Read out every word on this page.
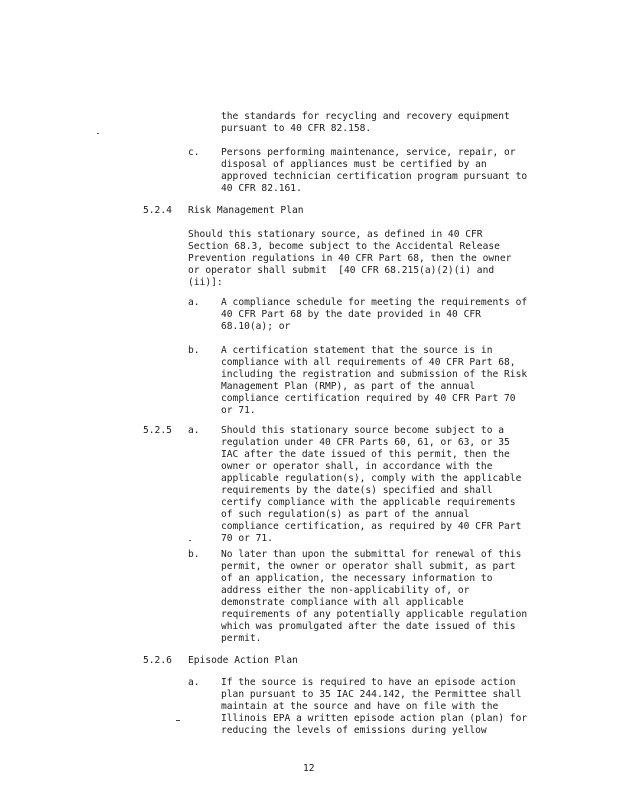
the standards for recycling and recovery equipment
pursuant to 40 CFR 82.158.
c. Persons performing maintenance, service, repair, or
disposal of appliances must be certified by an
approved technician certification program pursuant to
40 CFR 82.161.
5.2.4 Risk Management Plan
Should this stationary source, as defined in 40 CFR
Section 68.3, become subject to the Accidental Release
Prevention regulations in 40 CFR Part 68, then the owner
or operator shall submit  [40 CFR 68.215(a)(2)(i) and
(ii)]:
a. A compliance schedule for meeting the requirements of
40 CFR Part 68 by the date provided in 40 CFR
68.10(a); or
b. A certification statement that the source is in
compliance with all requirements of 40 CFR Part 68,
including the registration and submission of the Risk
Management Plan (RMP), as part of the annual
compliance certification required by 40 CFR Part 70
or 71.
5.2.5 a. Should this stationary source become subject to a
regulation under 40 CFR Parts 60, 61, or 63, or 35
IAC after the date issued of this permit, then the
owner or operator shall, in accordance with the
applicable regulation(s), comply with the applicable
requirements by the date(s) specified and shall
certify compliance with the applicable requirements
of such regulation(s) as part of the annual
compliance certification, as required by 40 CFR Part
70 or 71.
b. No later than upon the submittal for renewal of this
permit, the owner or operator shall submit, as part
of an application, the necessary information to
address either the non-applicability of, or
demonstrate compliance with all applicable
requirements of any potentially applicable regulation
which was promulgated after the date issued of this
permit.
5.2.6 Episode Action Plan
a. If the source is required to have an episode action
plan pursuant to 35 IAC 244.142, the Permittee shall
maintain at the source and have on file with the
Illinois EPA a written episode action plan (plan) for
reducing the levels of emissions during yellow
12
